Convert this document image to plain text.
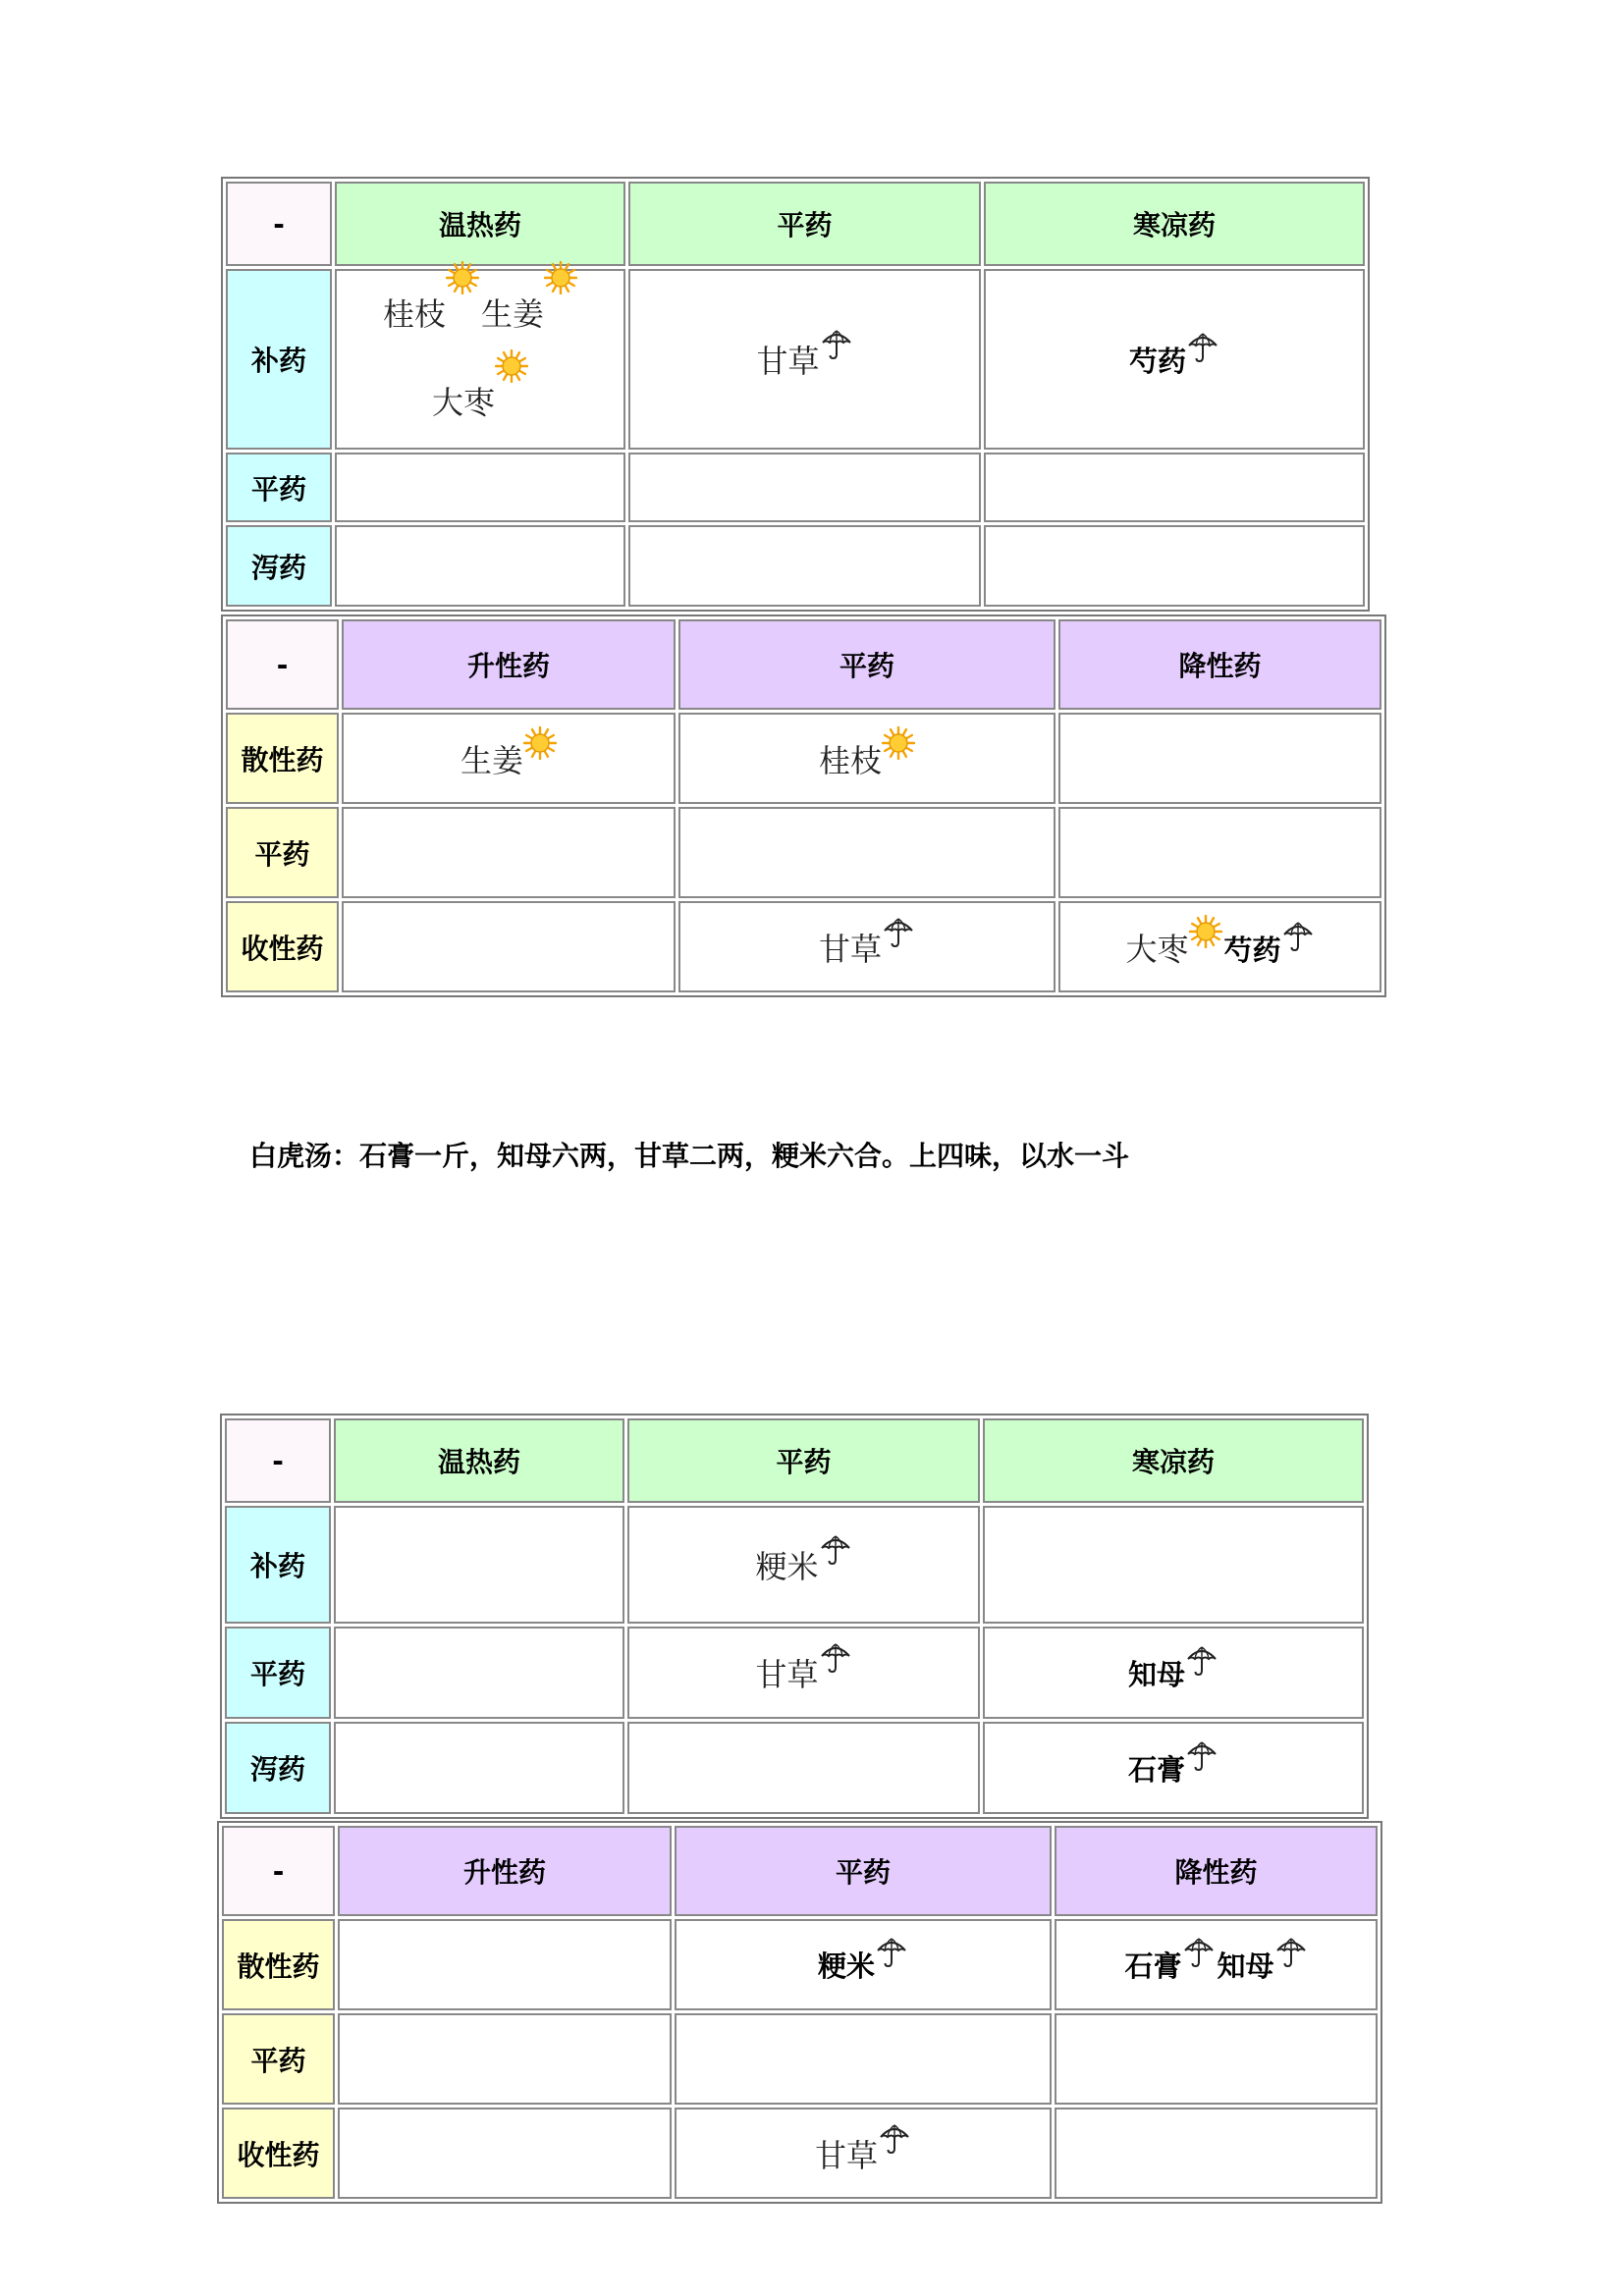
-	温热药	平药	寒凉药
补药	桂枝 生姜大枣	甘草	芍药
平药			
泻药			
-	升性药	平药	降性药
散性药	生姜	桂枝	
平药			
收性药		甘草	大枣 芍药

白虎汤：石膏一斤，知母六两，甘草二两，粳米六合。上四味，以水一斗

-	温热药	平药	寒凉药
补药		粳米	
平药		甘草	知母
泻药			石膏
-	升性药	平药	降性药
散性药		粳米	石膏 知母
平药			
收性药		甘草	
